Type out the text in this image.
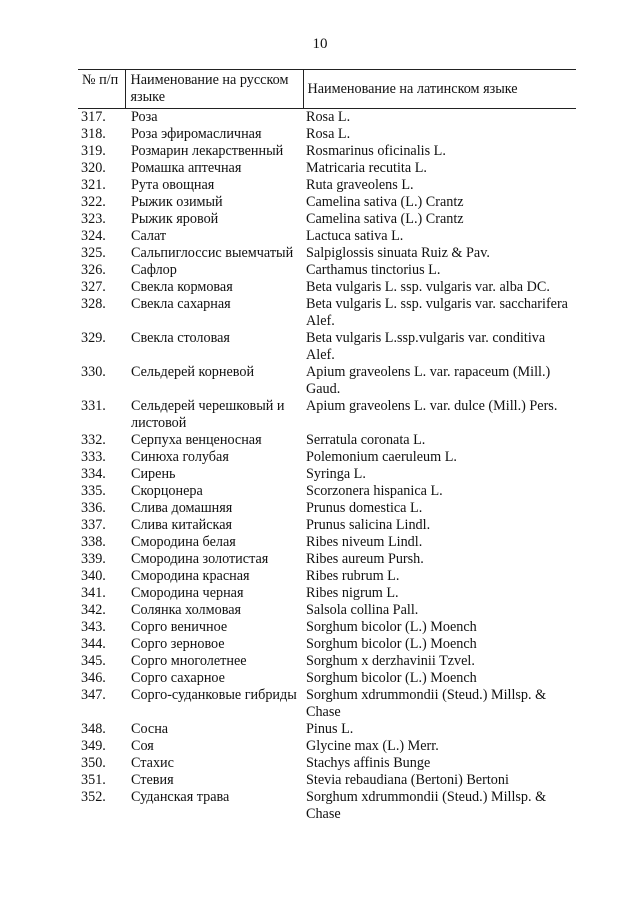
10
№ п/п	Наименование на русском языке	Наименование на латинском языке
317.	Роза	Rosa L.
318.	Роза эфиромасличная	Rosa L.
319.	Розмарин лекарственный	Rosmarinus oficinalis L.
320.	Ромашка аптечная	Matricaria recutita L.
321.	Рута овощная	Ruta graveolens L.
322.	Рыжик озимый	Camelina sativa (L.) Crantz
323.	Рыжик яровой	Camelina sativa (L.) Crantz
324.	Салат	Lactuca sativa L.
325.	Сальпиглоссис выемчатый	Salpiglossis sinuata Ruiz & Pav.
326.	Сафлор	Carthamus tinctorius L.
327.	Свекла кормовая	Beta vulgaris L. ssp. vulgaris var. alba DC.
328.	Свекла сахарная	Beta vulgaris L. ssp. vulgaris var. saccharifera Alef.
329.	Свекла столовая	Beta vulgaris L.ssp.vulgaris var. conditiva Alef.
330.	Сельдерей корневой	Apium graveolens L. var. rapaceum (Mill.) Gaud.
331.	Сельдерей черешковый и листовой	Apium graveolens L. var. dulce (Mill.) Pers.
332.	Серпуха венценосная	Serratula coronata L.
333.	Синюха голубая	Polemonium caeruleum L.
334.	Сирень	Syringa L.
335.	Скорцонера	Scorzonera hispanica L.
336.	Слива домашняя	Prunus domestica L.
337.	Слива китайская	Prunus salicina Lindl.
338.	Смородина белая	Ribes niveum Lindl.
339.	Смородина золотистая	Ribes aureum Pursh.
340.	Смородина красная	Ribes rubrum L.
341.	Смородина черная	Ribes nigrum L.
342.	Солянка холмовая	Salsola collina Pall.
343.	Сорго веничное	Sorghum bicolor (L.) Moench
344.	Сорго зерновое	Sorghum bicolor (L.) Moench
345.	Сорго многолетнее	Sorghum x derzhavinii Tzvel.
346.	Сорго сахарное	Sorghum bicolor (L.) Moench
347.	Сорго-суданковые гибриды	Sorghum xdrummondii (Steud.) Millsp. & Chase
348.	Сосна	Pinus L.
349.	Соя	Glycine max (L.) Merr.
350.	Стахис	Stachys affinis Bunge
351.	Стевия	Stevia rebaudiana (Bertoni) Bertoni
352.	Суданская трава	Sorghum xdrummondii (Steud.) Millsp. & Chase
